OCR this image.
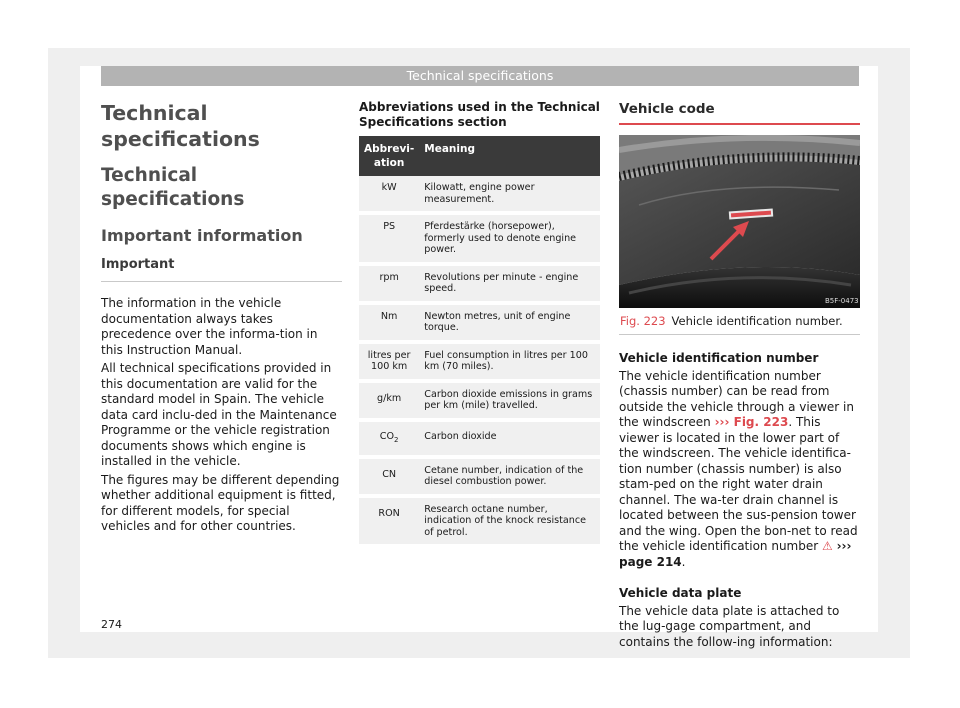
Technical specifications
Technical specifications
Technical specifications
Important information
Important

The information in the vehicle documentation always takes precedence over the informa-tion in this Instruction Manual.

All technical specifications provided in this documentation are valid for the standard model in Spain. The vehicle data card inclu-ded in the Maintenance Programme or the vehicle registration documents shows which engine is installed in the vehicle.

The figures may be different depending whether additional equipment is fitted, for different models, for special vehicles and for other countries.

Abbreviations used in the Technical Specifications section
Abbrevi-ation	Meaning
kW	Kilowatt, engine power measurement.
PS	Pferdestärke (horsepower), formerly used to denote engine power.
rpm	Revolutions per minute - engine speed.
Nm	Newton metres, unit of engine torque.
litres per 100 km	Fuel consumption in litres per 100 km (70 miles).
g/km	Carbon dioxide emissions in grams per km (mile) travelled.
$CO_2$	Carbon dioxide
CN	Cetane number, indication of the diesel combustion power.
RON	Research octane number, indication of the knock resistance of petrol.
Vehicle code
B5F-0473
Fig. 223 Vehicle identification number.
Vehicle identification number

The vehicle identification number (chassis number) can be read from outside the vehicle through a viewer in the windscreen ››› Fig. 223. This viewer is located in the lower part of the windscreen. The vehicle identifica-tion number (chassis number) is also stam-ped on the right water drain channel. The wa-ter drain channel is located between the sus-pension tower and the wing. Open the bon-net to read the vehicle identification number ⚠ ››› page 214.

Vehicle data plate

The vehicle data plate is attached to the lug-gage compartment, and contains the follow-ing information:

274
